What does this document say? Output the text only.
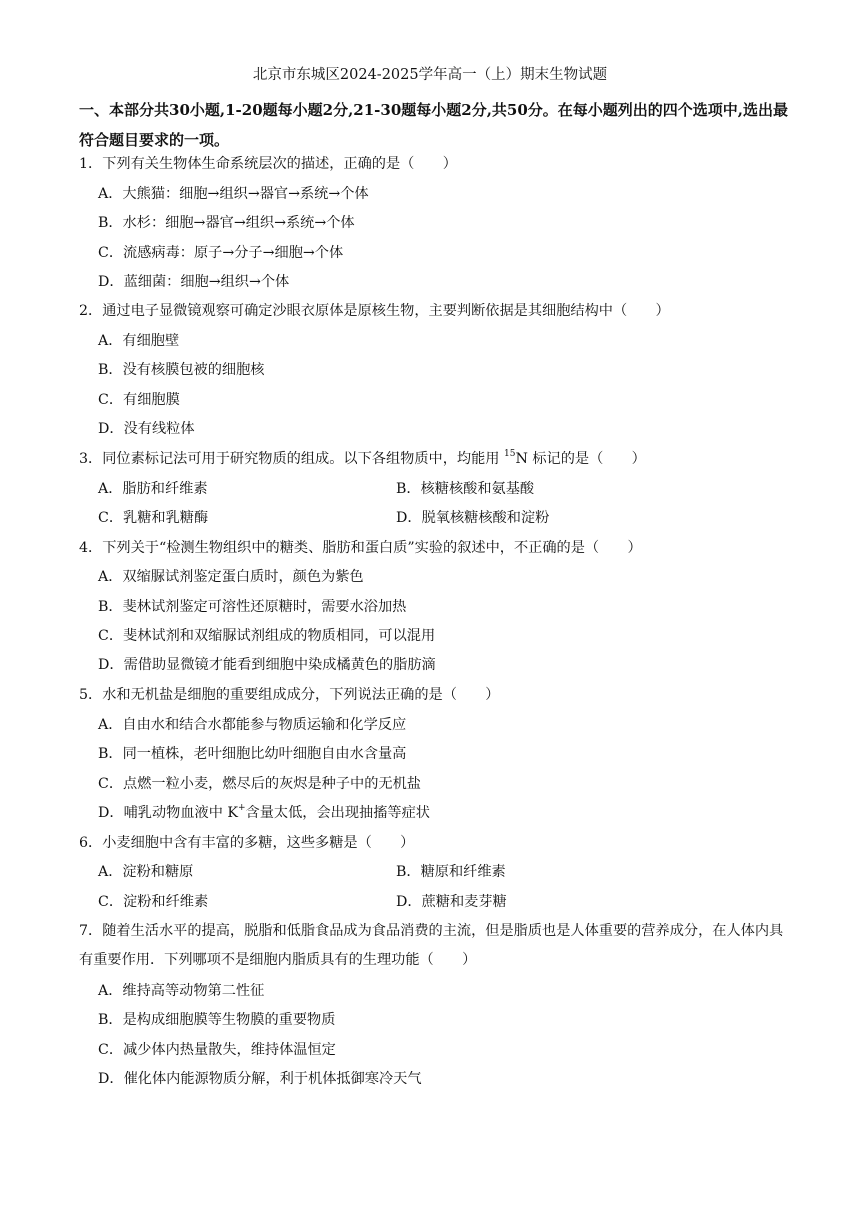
北京市东城区2024-2025学年高一（上）期末生物试题
一、本部分共30小题,1-20题每小题2分,21-30题每小题2分,共50分。在每小题列出的四个选项中,选出最符合题目要求的一项。
1．下列有关生物体生命系统层次的描述，正确的是（　　）
A．大熊猫：细胞→组织→器官→系统→个体
B．水杉：细胞→器官→组织→系统→个体
C．流感病毒：原子→分子→细胞→个体
D．蓝细菌：细胞→组织→个体
2．通过电子显微镜观察可确定沙眼衣原体是原核生物，主要判断依据是其细胞结构中（　　）
A．有细胞壁
B．没有核膜包被的细胞核
C．有细胞膜
D．没有线粒体
3．同位素标记法可用于研究物质的组成。以下各组物质中，均能用 $^{15}$N 标记的是（　　）
A．脂肪和纤维素	B．核糖核酸和氨基酸
C．乳糖和乳糖酶	D．脱氧核糖核酸和淀粉
4．下列关于“检测生物组织中的糖类、脂肪和蛋白质”实验的叙述中，不正确的是（　　）
A．双缩脲试剂鉴定蛋白质时，颜色为紫色
B．斐林试剂鉴定可溶性还原糖时，需要水浴加热
C．斐林试剂和双缩脲试剂组成的物质相同，可以混用
D．需借助显微镜才能看到细胞中染成橘黄色的脂肪滴
5．水和无机盐是细胞的重要组成成分，下列说法正确的是（　　）
A．自由水和结合水都能参与物质运输和化学反应
B．同一植株，老叶细胞比幼叶细胞自由水含量高
C．点燃一粒小麦，燃尽后的灰烬是种子中的无机盐
D．哺乳动物血液中 K+含量太低，会出现抽搐等症状
6．小麦细胞中含有丰富的多糖，这些多糖是（　　）
A．淀粉和糖原	B．糖原和纤维素
C．淀粉和纤维素	D．蔗糖和麦芽糖
7．随着生活水平的提高，脱脂和低脂食品成为食品消费的主流，但是脂质也是人体重要的营养成分，在人体内具有重要作用．下列哪项不是细胞内脂质具有的生理功能（　　）
A．维持高等动物第二性征
B．是构成细胞膜等生物膜的重要物质
C．减少体内热量散失，维持体温恒定
D．催化体内能源物质分解，利于机体抵御寒冷天气
